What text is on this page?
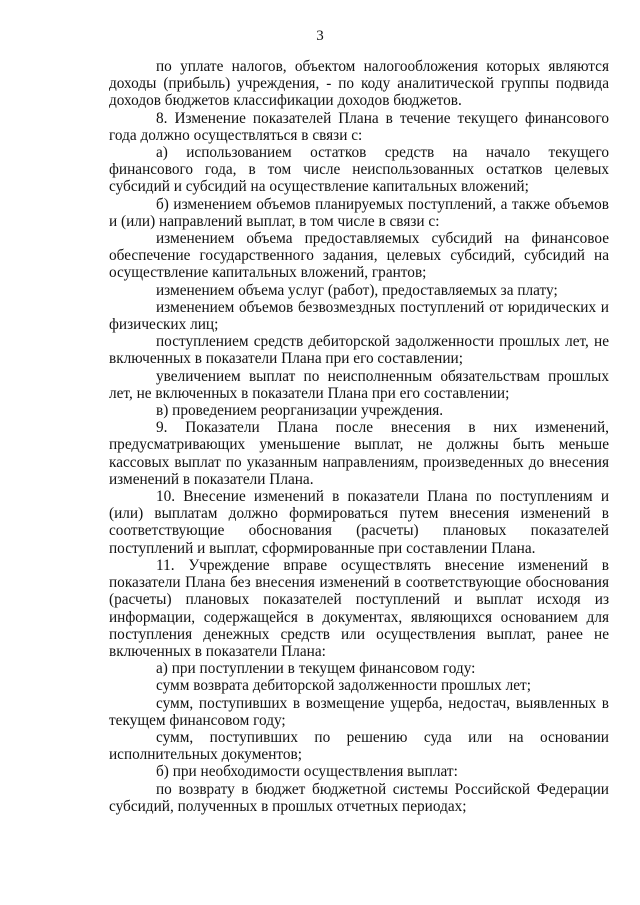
3

по уплате налогов, объектом налогообложения которых являются доходы (прибыль) учреждения, - по коду аналитической группы подвида доходов бюджетов классификации доходов бюджетов.

8. Изменение показателей Плана в течение текущего финансового года должно осуществляться в связи с:

а) использованием остатков средств на начало текущего финансового года, в том числе неиспользованных остатков целевых субсидий и субсидий на осуществление капитальных вложений;

б) изменением объемов планируемых поступлений, а также объемов и (или) направлений выплат, в том числе в связи с:

изменением объема предоставляемых субсидий на финансовое обеспечение государственного задания, целевых субсидий, субсидий на осуществление капитальных вложений, грантов;

изменением объема услуг (работ), предоставляемых за плату;

изменением объемов безвозмездных поступлений от юридических и физических лиц;

поступлением средств дебиторской задолженности прошлых лет, не включенных в показатели Плана при его составлении;

увеличением выплат по неисполненным обязательствам прошлых лет, не включенных в показатели Плана при его составлении;

в) проведением реорганизации учреждения.

9. Показатели Плана после внесения в них изменений, предусматривающих уменьшение выплат, не должны быть меньше кассовых выплат по указанным направлениям, произведенных до внесения изменений в показатели Плана.

10. Внесение изменений в показатели Плана по поступлениям и (или) выплатам должно формироваться путем внесения изменений в соответствующие обоснования (расчеты) плановых показателей поступлений и выплат, сформированные при составлении Плана.

11. Учреждение вправе осуществлять внесение изменений в показатели Плана без внесения изменений в соответствующие обоснования (расчеты) плановых показателей поступлений и выплат исходя из информации, содержащейся в документах, являющихся основанием для поступления денежных средств или осуществления выплат, ранее не включенных в показатели Плана:

а) при поступлении в текущем финансовом году:

сумм возврата дебиторской задолженности прошлых лет;

сумм, поступивших в возмещение ущерба, недостач, выявленных в текущем финансовом году;

сумм, поступивших по решению суда или на основании исполнительных документов;

б) при необходимости осуществления выплат:

по возврату в бюджет бюджетной системы Российской Федерации субсидий, полученных в прошлых отчетных периодах;
